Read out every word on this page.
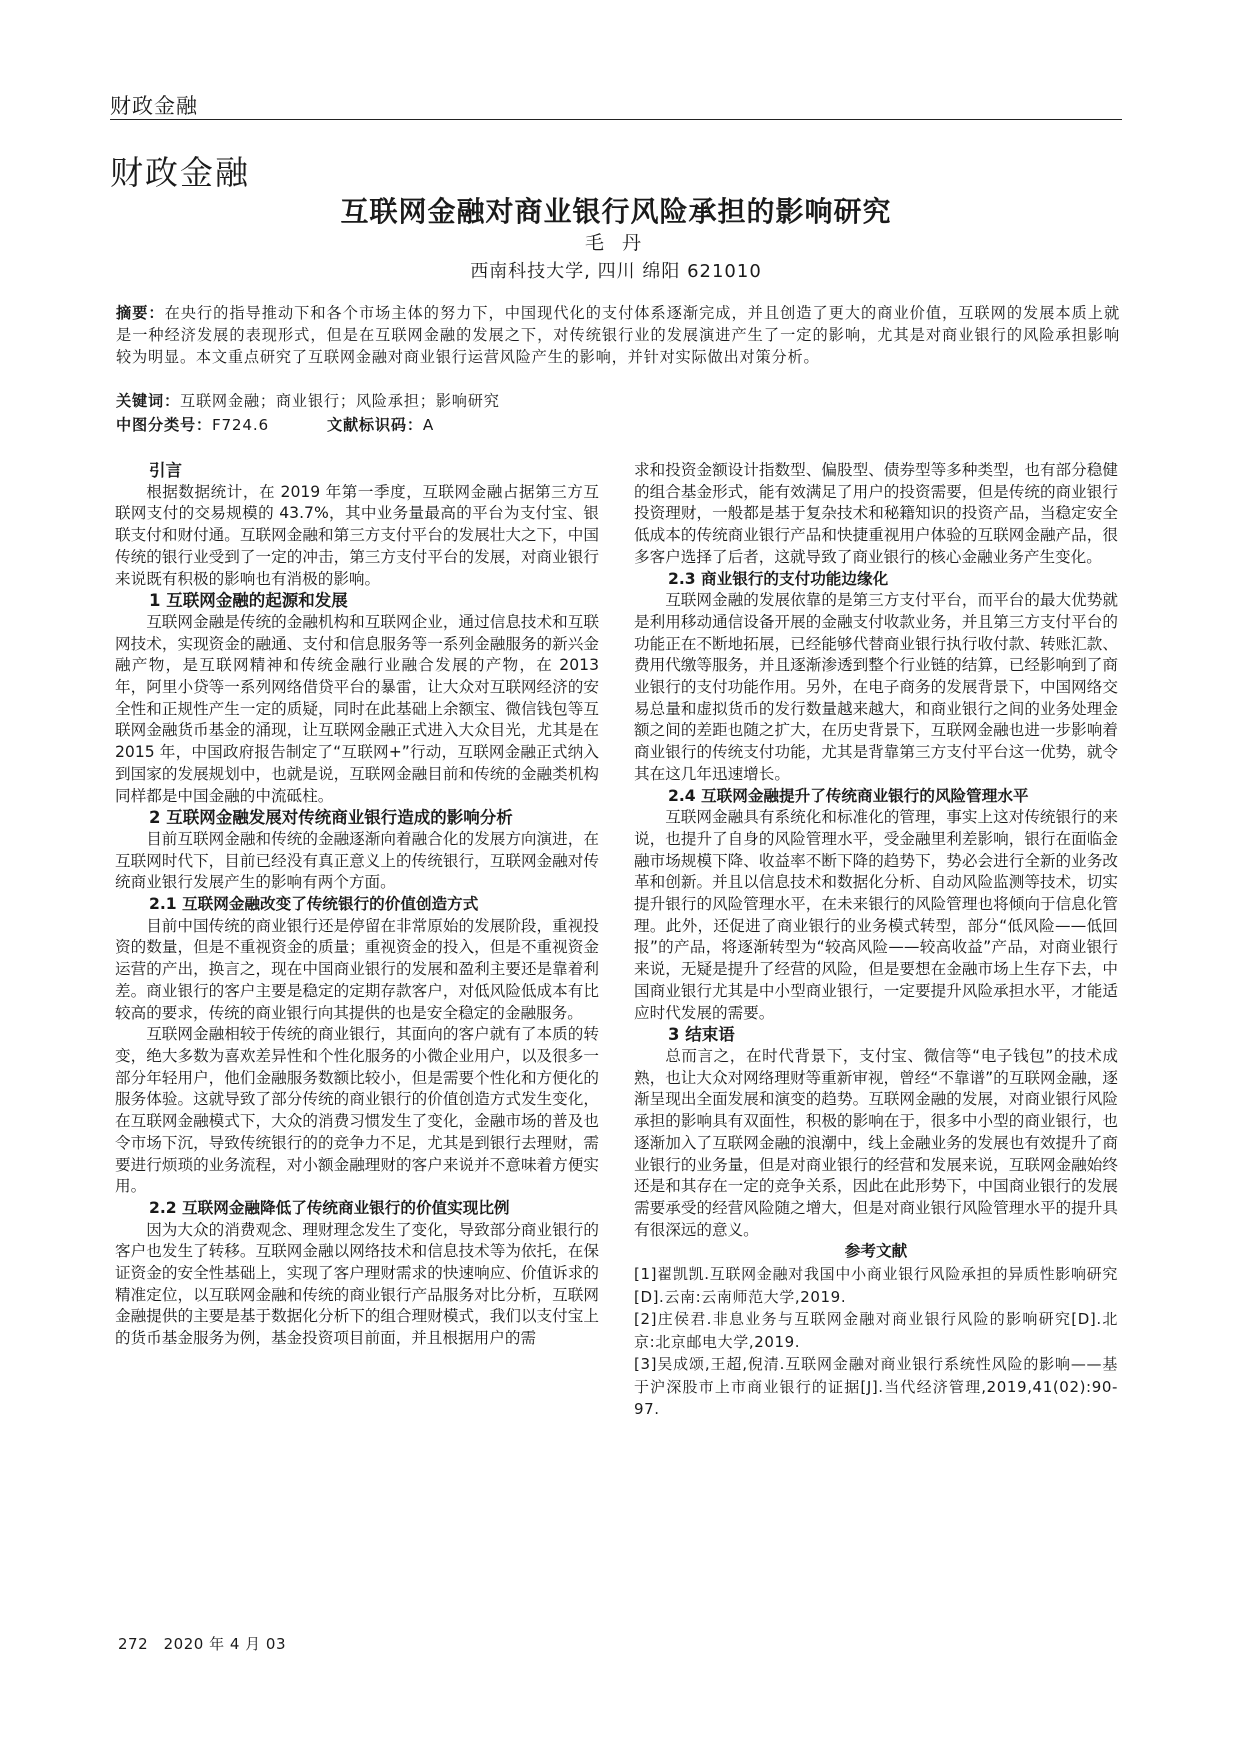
财政金融
财政金融
互联网金融对商业银行风险承担的影响研究
毛 丹
西南科技大学, 四川 绵阳 621010
摘要：在央行的指导推动下和各个市场主体的努力下，中国现代化的支付体系逐渐完成，并且创造了更大的商业价值，互联网的发展本质上就是一种经济发展的表现形式，但是在互联网金融的发展之下，对传统银行业的发展演进产生了一定的影响，尤其是对商业银行的风险承担影响较为明显。本文重点研究了互联网金融对商业银行运营风险产生的影响，并针对实际做出对策分析。
关键词：互联网金融；商业银行；风险承担；影响研究
中图分类号：F724.6	文献标识码：A
引言

根据数据统计，在 2019 年第一季度，互联网金融占据第三方互联网支付的交易规模的 43.7%，其中业务量最高的平台为支付宝、银联支付和财付通。互联网金融和第三方支付平台的发展壮大之下，中国传统的银行业受到了一定的冲击，第三方支付平台的发展，对商业银行来说既有积极的影响也有消极的影响。

1 互联网金融的起源和发展

互联网金融是传统的金融机构和互联网企业，通过信息技术和互联网技术，实现资金的融通、支付和信息服务等一系列金融服务的新兴金融产物，是互联网精神和传统金融行业融合发展的产物，在 2013 年，阿里小贷等一系列网络借贷平台的暴雷，让大众对互联网经济的安全性和正规性产生一定的质疑，同时在此基础上余额宝、微信钱包等互联网金融货币基金的涌现，让互联网金融正式进入大众目光，尤其是在 2015 年，中国政府报告制定了“互联网+”行动，互联网金融正式纳入到国家的发展规划中，也就是说，互联网金融目前和传统的金融类机构同样都是中国金融的中流砥柱。

2 互联网金融发展对传统商业银行造成的影响分析

目前互联网金融和传统的金融逐渐向着融合化的发展方向演进，在互联网时代下，目前已经没有真正意义上的传统银行，互联网金融对传统商业银行发展产生的影响有两个方面。

2.1 互联网金融改变了传统银行的价值创造方式

目前中国传统的商业银行还是停留在非常原始的发展阶段，重视投资的数量，但是不重视资金的质量；重视资金的投入，但是不重视资金运营的产出，换言之，现在中国商业银行的发展和盈利主要还是靠着利差。商业银行的客户主要是稳定的定期存款客户，对低风险低成本有比较高的要求，传统的商业银行向其提供的也是安全稳定的金融服务。

互联网金融相较于传统的商业银行，其面向的客户就有了本质的转变，绝大多数为喜欢差异性和个性化服务的小微企业用户，以及很多一部分年轻用户，他们金融服务数额比较小，但是需要个性化和方便化的服务体验。这就导致了部分传统的商业银行的价值创造方式发生变化，在互联网金融模式下，大众的消费习惯发生了变化，金融市场的普及也令市场下沉，导致传统银行的的竞争力不足，尤其是到银行去理财，需要进行烦琐的业务流程，对小额金融理财的客户来说并不意味着方便实用。

2.2 互联网金融降低了传统商业银行的价值实现比例

因为大众的消费观念、理财理念发生了变化，导致部分商业银行的客户也发生了转移。互联网金融以网络技术和信息技术等为依托，在保证资金的安全性基础上，实现了客户理财需求的快速响应、价值诉求的精准定位，以互联网金融和传统的商业银行产品服务对比分析，互联网金融提供的主要是基于数据化分析下的组合理财模式，我们以支付宝上的货币基金服务为例，基金投资项目前面，并且根据用户的需

求和投资金额设计指数型、偏股型、债券型等多种类型，也有部分稳健的组合基金形式，能有效满足了用户的投资需要，但是传统的商业银行投资理财，一般都是基于复杂技术和秘籍知识的投资产品，当稳定安全低成本的传统商业银行产品和快捷重视用户体验的互联网金融产品，很多客户选择了后者，这就导致了商业银行的核心金融业务产生变化。

2.3 商业银行的支付功能边缘化

互联网金融的发展依靠的是第三方支付平台，而平台的最大优势就是利用移动通信设备开展的金融支付收款业务，并且第三方支付平台的功能正在不断地拓展，已经能够代替商业银行执行收付款、转账汇款、费用代缴等服务，并且逐渐渗透到整个行业链的结算，已经影响到了商业银行的支付功能作用。另外，在电子商务的发展背景下，中国网络交易总量和虚拟货币的发行数量越来越大，和商业银行之间的业务处理金额之间的差距也随之扩大，在历史背景下，互联网金融也进一步影响着商业银行的传统支付功能，尤其是背靠第三方支付平台这一优势，就令其在这几年迅速增长。

2.4 互联网金融提升了传统商业银行的风险管理水平

互联网金融具有系统化和标准化的管理，事实上这对传统银行的来说，也提升了自身的风险管理水平，受金融里利差影响，银行在面临金融市场规模下降、收益率不断下降的趋势下，势必会进行全新的业务改革和创新。并且以信息技术和数据化分析、自动风险监测等技术，切实提升银行的风险管理水平，在未来银行的风险管理也将倾向于信息化管理。此外，还促进了商业银行的业务模式转型，部分“低风险——低回报”的产品，将逐渐转型为“较高风险——较高收益”产品，对商业银行来说，无疑是提升了经营的风险，但是要想在金融市场上生存下去，中国商业银行尤其是中小型商业银行，一定要提升风险承担水平，才能适应时代发展的需要。

3 结束语

总而言之，在时代背景下，支付宝、微信等“电子钱包”的技术成熟，也让大众对网络理财等重新审视，曾经“不靠谱”的互联网金融，逐渐呈现出全面发展和演变的趋势。互联网金融的发展，对商业银行风险承担的影响具有双面性，积极的影响在于，很多中小型的商业银行，也逐渐加入了互联网金融的浪潮中，线上金融业务的发展也有效提升了商业银行的业务量，但是对商业银行的经营和发展来说，互联网金融始终还是和其存在一定的竞争关系，因此在此形势下，中国商业银行的发展需要承受的经营风险随之增大，但是对商业银行风险管理水平的提升具有很深远的意义。

参考文献
[1]翟凯凯.互联网金融对我国中小商业银行风险承担的异质性影响研究[D].云南:云南师范大学,2019.
[2]庄侯君.非息业务与互联网金融对商业银行风险的影响研究[D].北京:北京邮电大学,2019.
[3]吴成颂,王超,倪清.互联网金融对商业银行系统性风险的影响——基于沪深股市上市商业银行的证据[J].当代经济管理,2019,41(02):90-97.
272　2020 年 4 月 03
